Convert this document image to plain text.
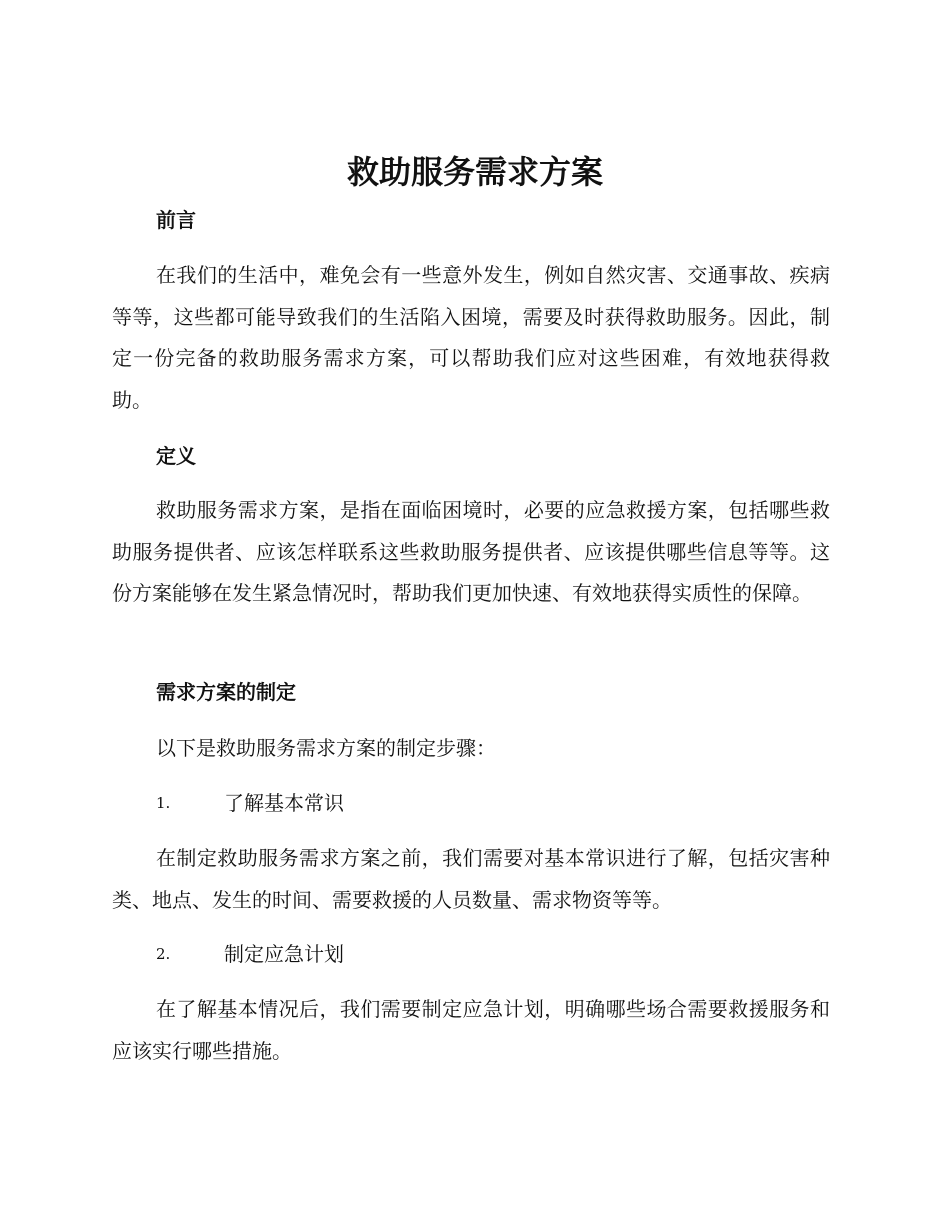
救助服务需求方案
前言

在我们的生活中，难免会有一些意外发生，例如自然灾害、交通事故、疾病等等，这些都可能导致我们的生活陷入困境，需要及时获得救助服务。因此，制定一份完备的救助服务需求方案，可以帮助我们应对这些困难，有效地获得救助。

定义

救助服务需求方案，是指在面临困境时，必要的应急救援方案，包括哪些救助服务提供者、应该怎样联系这些救助服务提供者、应该提供哪些信息等等。这份方案能够在发生紧急情况时，帮助我们更加快速、有效地获得实质性的保障。

需求方案的制定

以下是救助服务需求方案的制定步骤：

1.	了解基本常识

在制定救助服务需求方案之前，我们需要对基本常识进行了解，包括灾害种类、地点、发生的时间、需要救援的人员数量、需求物资等等。

2.	制定应急计划

在了解基本情况后，我们需要制定应急计划，明确哪些场合需要救援服务和应该实行哪些措施。
